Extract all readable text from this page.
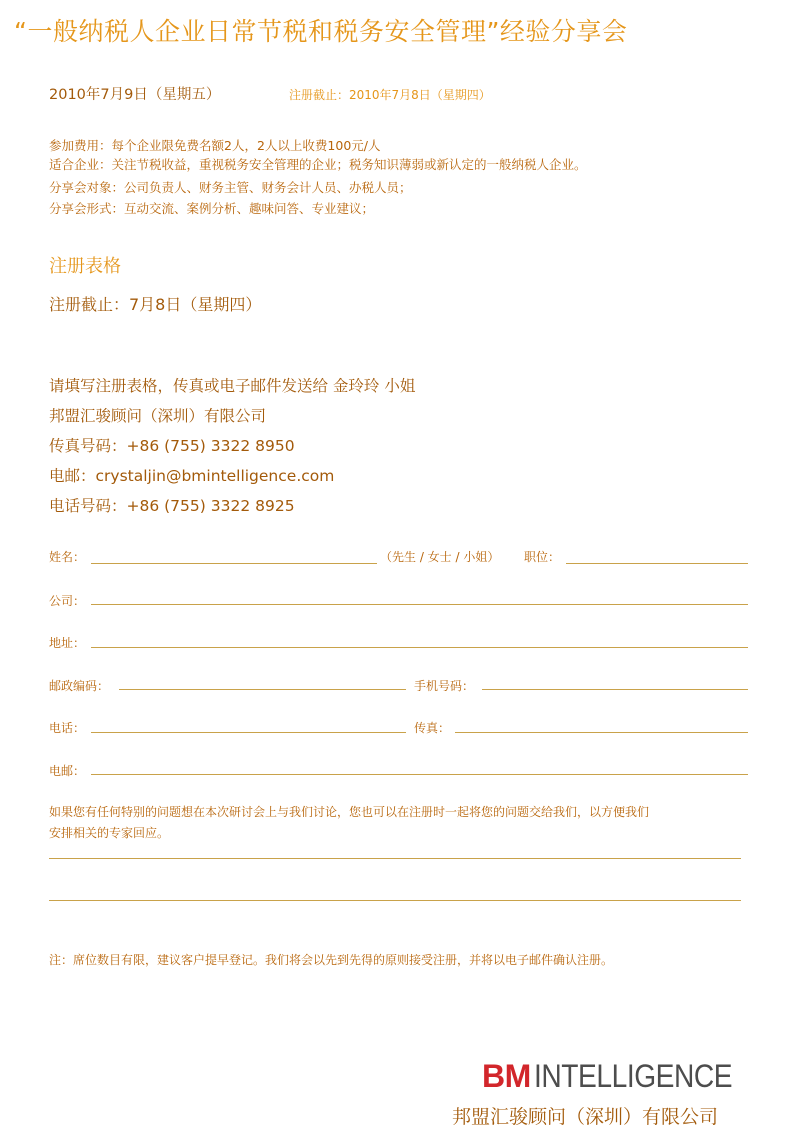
“一般纳税人企业日常节税和税务安全管理”经验分享会
2010年7月9日（星期五）	注册截止：2010年7月8日（星期四）
参加费用：每个企业限免费名额2人，2人以上收费100元/人
适合企业：关注节税收益，重视税务安全管理的企业；税务知识薄弱或新认定的一般纳税人企业。
分享会对象：公司负责人、财务主管、财务会计人员、办税人员；
分享会形式：互动交流、案例分析、趣味问答、专业建议；
注册表格
注册截止：7月8日（星期四）
请填写注册表格，传真或电子邮件发送给 金玲玲 小姐
邦盟汇骏顾问（深圳）有限公司
传真号码：+86 (755) 3322 8950
电邮：crystaljin@bmintelligence.com
电话号码：+86 (755) 3322 8925
姓名：	（先生 / 女士 / 小姐） 职位：
公司：
地址：
邮政编码：	手机号码：
电话：	传真：
电邮：
如果您有任何特别的问题想在本次研讨会上与我们讨论，您也可以在注册时一起将您的问题交给我们，以方便我们
安排相关的专家回应。
注：席位数目有限，建议客户提早登记。我们将会以先到先得的原则接受注册，并将以电子邮件确认注册。
BMINTELLIGENCE
邦盟汇骏顾问（深圳）有限公司
